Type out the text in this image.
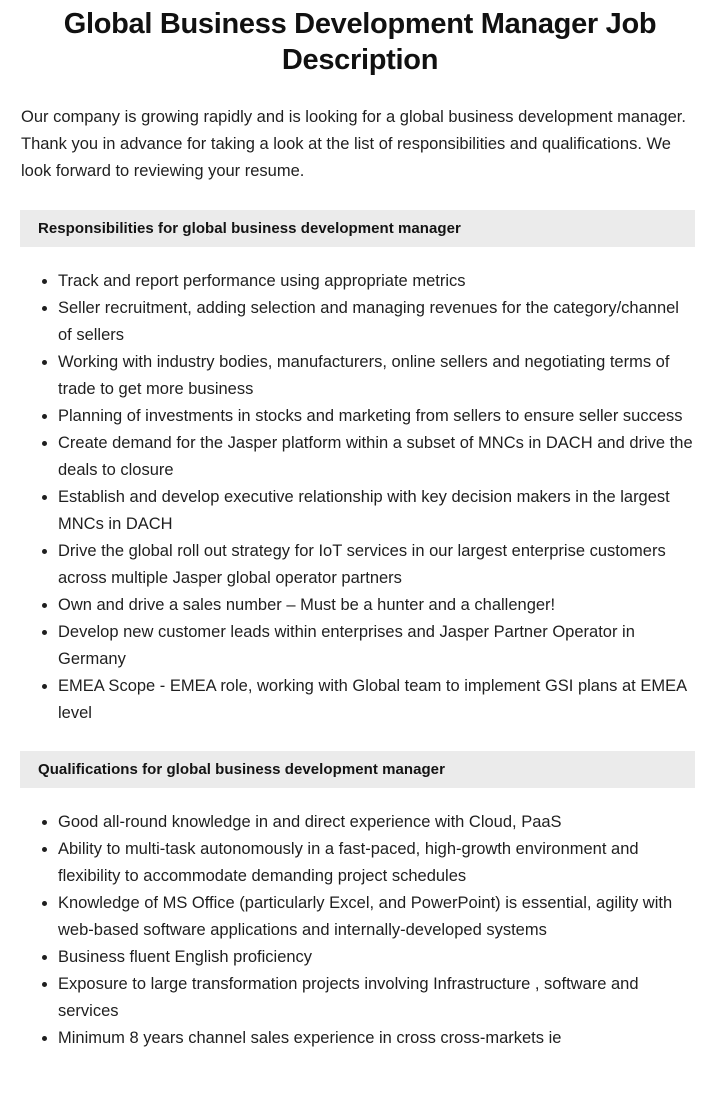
Global Business Development Manager Job Description

Our company is growing rapidly and is looking for a global business development manager. Thank you in advance for taking a look at the list of responsibilities and qualifications. We look forward to reviewing your resume.

Responsibilities for global business development manager
Track and report performance using appropriate metrics
Seller recruitment, adding selection and managing revenues for the category/channel of sellers
Working with industry bodies, manufacturers, online sellers and negotiating terms of trade to get more business
Planning of investments in stocks and marketing from sellers to ensure seller success
Create demand for the Jasper platform within a subset of MNCs in DACH and drive the deals to closure
Establish and develop executive relationship with key decision makers in the largest MNCs in DACH
Drive the global roll out strategy for IoT services in our largest enterprise customers across multiple Jasper global operator partners
Own and drive a sales number – Must be a hunter and a challenger!
Develop new customer leads within enterprises and Jasper Partner Operator in Germany
EMEA Scope - EMEA role, working with Global team to implement GSI plans at EMEA level
Qualifications for global business development manager
Good all-round knowledge in and direct experience with Cloud, PaaS
Ability to multi-task autonomously in a fast-paced, high-growth environment and flexibility to accommodate demanding project schedules
Knowledge of MS Office (particularly Excel, and PowerPoint) is essential, agility with web-based software applications and internally-developed systems
Business fluent English proficiency
Exposure to large transformation projects involving Infrastructure , software and services
Minimum 8 years channel sales experience in cross cross-markets ie
